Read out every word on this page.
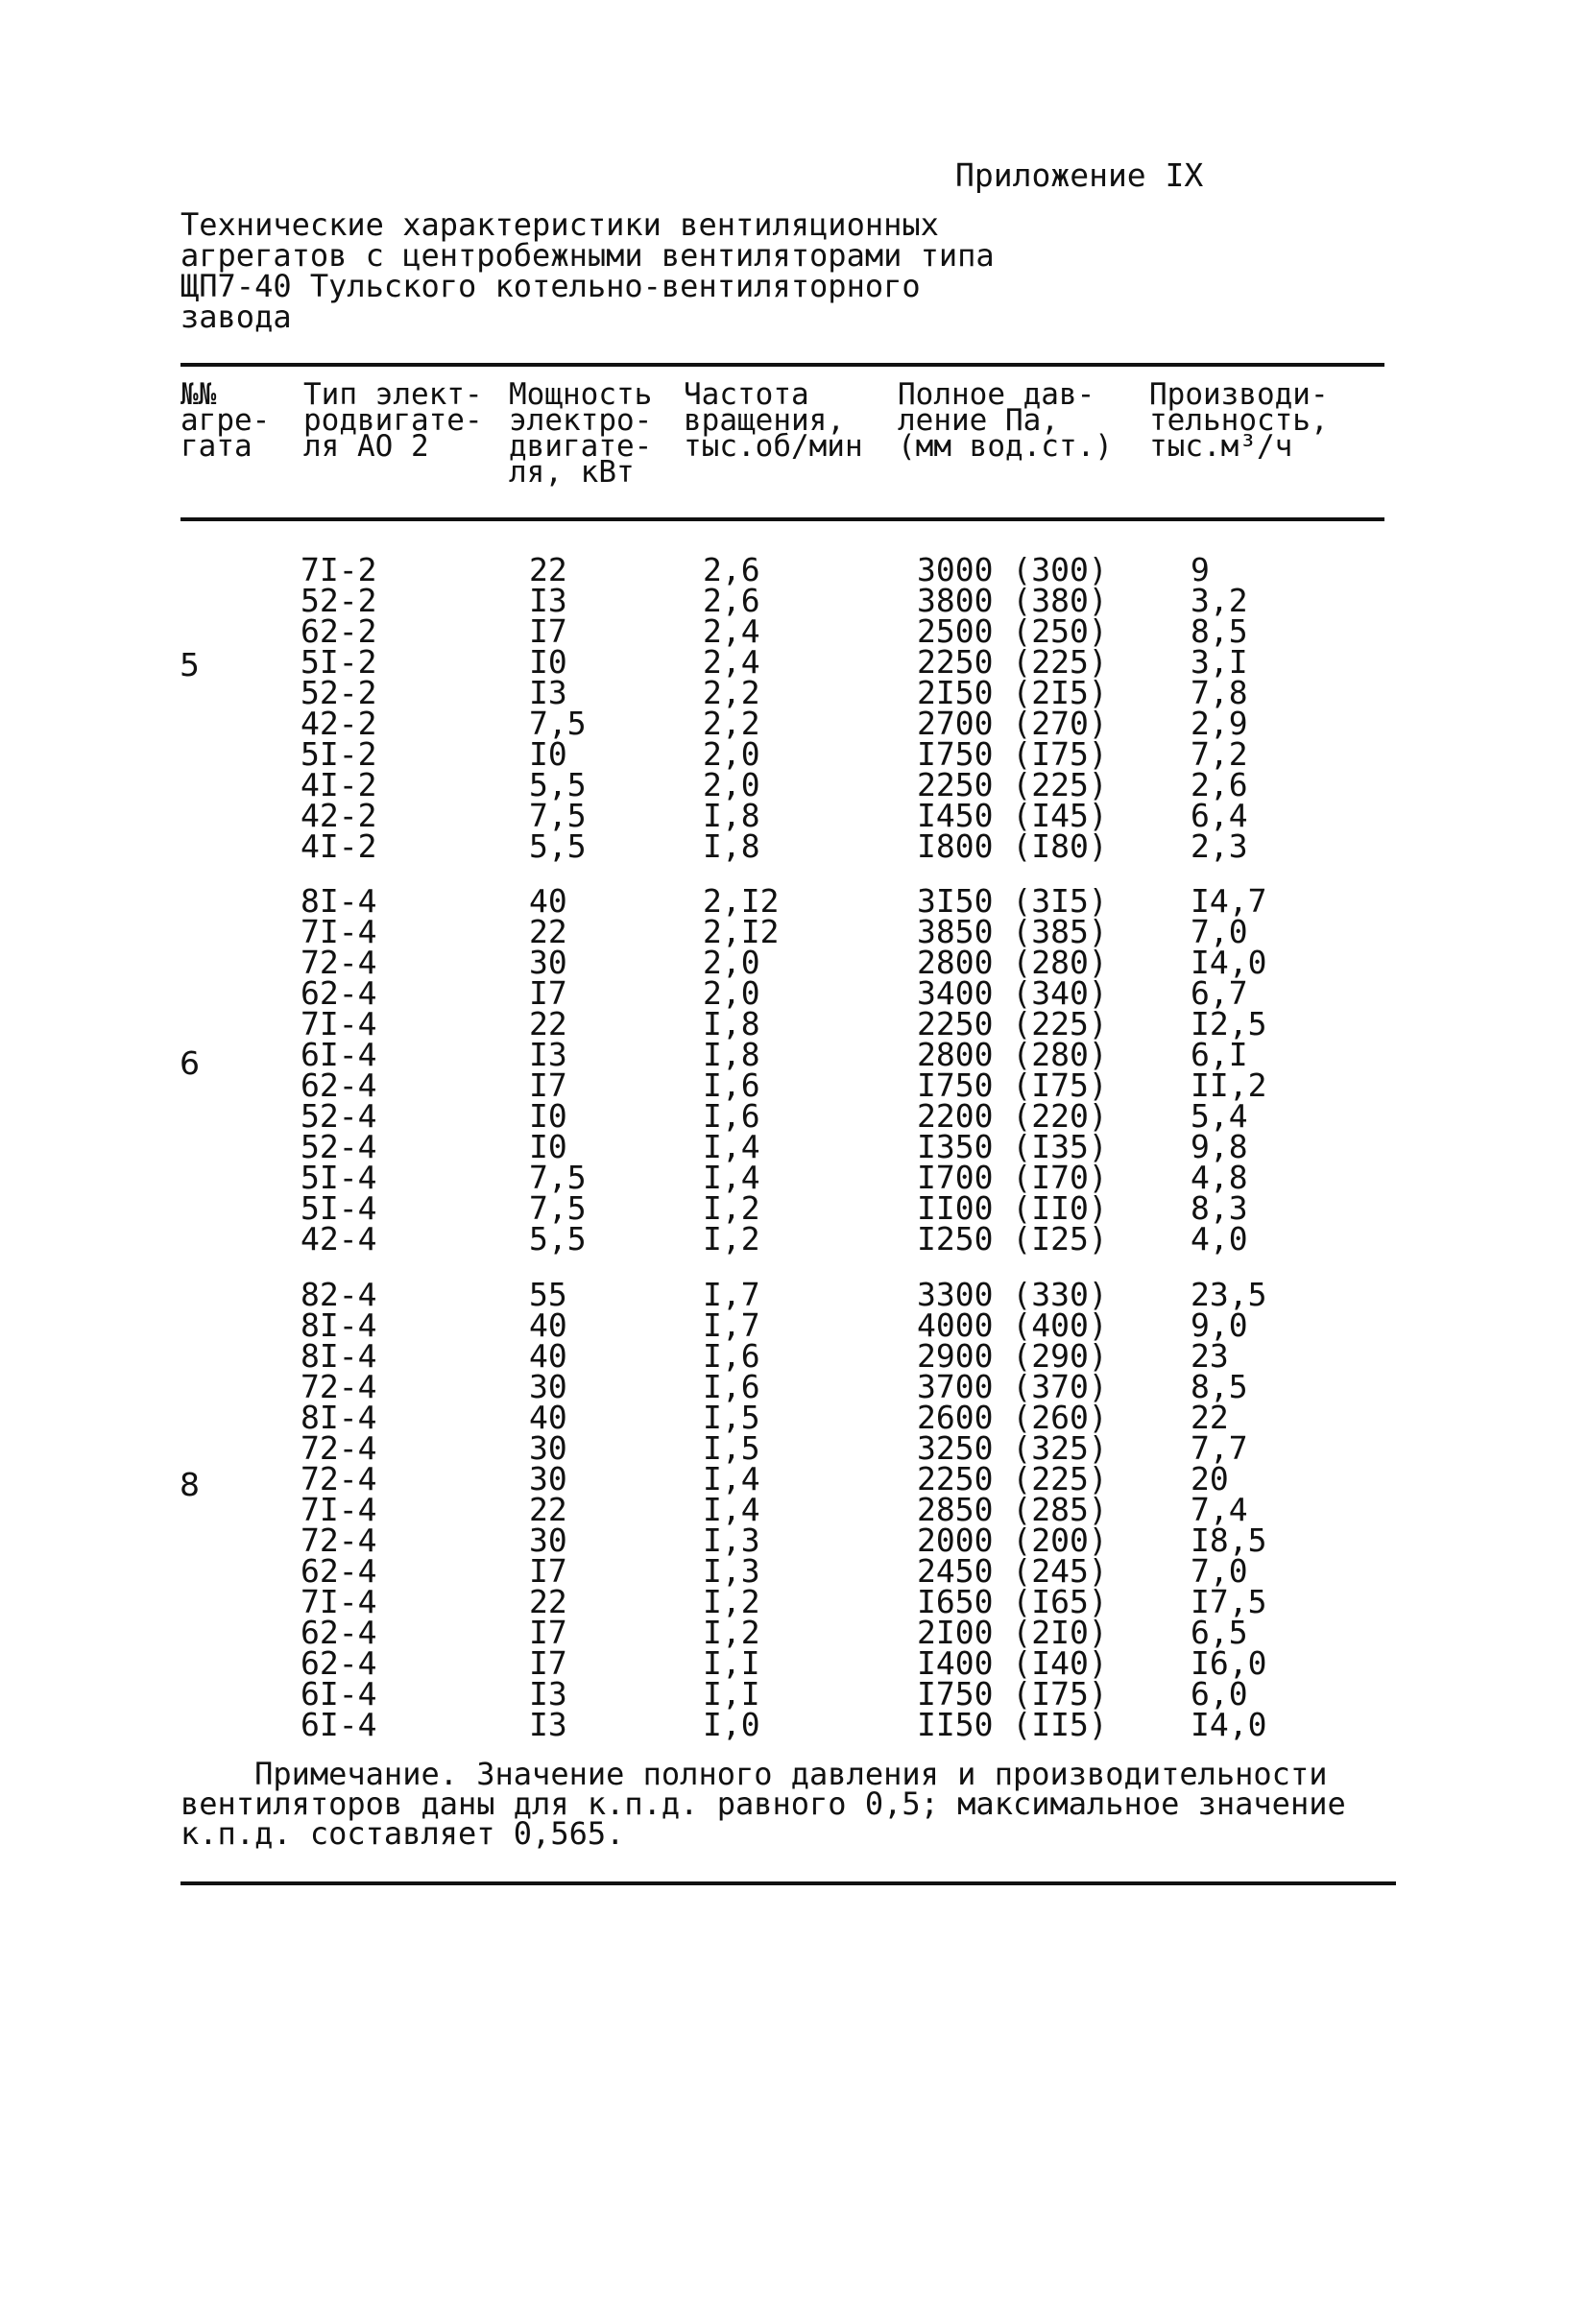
Приложение IX
Технические характеристики вентиляционных
агрегатов с центробежными вентиляторами типа
ЩП7-40 Тульского котельно-вентиляторного
завода
№№
агре-
гата
Тип элект-
родвигате-
ля АО 2
Мощность
электро-
двигате-
ля, кВт
Частота
вращения,
тыс.об/мин
Полное дав-
ление Па,
(мм вод.ст.)
Производи-
тельность,
тыс.м³/ч
5
7I-2
52-2
62-2
5I-2
52-2
42-2
5I-2
4I-2
42-2
4I-2
22
I3
I7
I0
I3
7,5
I0
5,5
7,5
5,5
2,6
2,6
2,4
2,4
2,2
2,2
2,0
2,0
I,8
I,8
3000 (300)
3800 (380)
2500 (250)
2250 (225)
2I50 (2I5)
2700 (270)
I750 (I75)
2250 (225)
I450 (I45)
I800 (I80)
9
3,2
8,5
3,I
7,8
2,9
7,2
2,6
6,4
2,3
6
8I-4
7I-4
72-4
62-4
7I-4
6I-4
62-4
52-4
52-4
5I-4
5I-4
42-4
40
22
30
I7
22
I3
I7
I0
I0
7,5
7,5
5,5
2,I2
2,I2
2,0
2,0
I,8
I,8
I,6
I,6
I,4
I,4
I,2
I,2
3I50 (3I5)
3850 (385)
2800 (280)
3400 (340)
2250 (225)
2800 (280)
I750 (I75)
2200 (220)
I350 (I35)
I700 (I70)
II00 (II0)
I250 (I25)
I4,7
7,0
I4,0
6,7
I2,5
6,I
II,2
5,4
9,8
4,8
8,3
4,0
8
82-4
8I-4
8I-4
72-4
8I-4
72-4
72-4
7I-4
72-4
62-4
7I-4
62-4
62-4
6I-4
6I-4
55
40
40
30
40
30
30
22
30
I7
22
I7
I7
I3
I3
I,7
I,7
I,6
I,6
I,5
I,5
I,4
I,4
I,3
I,3
I,2
I,2
I,I
I,I
I,0
3300 (330)
4000 (400)
2900 (290)
3700 (370)
2600 (260)
3250 (325)
2250 (225)
2850 (285)
2000 (200)
2450 (245)
I650 (I65)
2I00 (2I0)
I400 (I40)
I750 (I75)
II50 (II5)
23,5
9,0
23
8,5
22
7,7
20
7,4
I8,5
7,0
I7,5
6,5
I6,0
6,0
I4,0
Примечание. Значение полного давления и производительности
вентиляторов даны для к.п.д. равного 0,5; максимальное значение
к.п.д. составляет 0,565.
